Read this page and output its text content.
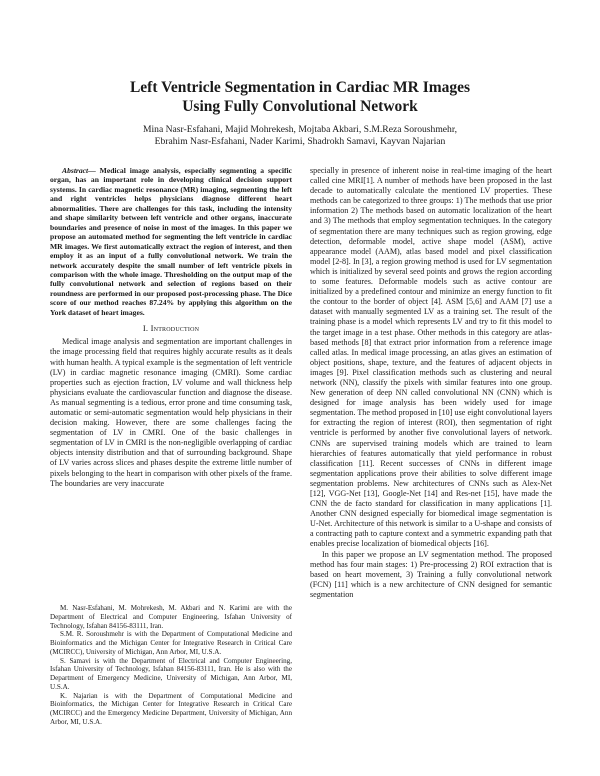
Left Ventricle Segmentation in Cardiac MR Images
Using Fully Convolutional Network
Mina Nasr-Esfahani, Majid Mohrekesh, Mojtaba Akbari, S.M.Reza Soroushmehr,
Ebrahim Nasr-Esfahani, Nader Karimi, Shadrokh Samavi, Kayvan Najarian

Abstract— Medical image analysis, especially segmenting a specific organ, has an important role in developing clinical decision support systems. In cardiac magnetic resonance (MR) imaging, segmenting the left and right ventricles helps physicians diagnose different heart abnormalities. There are challenges for this task, including the intensity and shape similarity between left ventricle and other organs, inaccurate boundaries and presence of noise in most of the images. In this paper we propose an automated method for segmenting the left ventricle in cardiac MR images. We first automatically extract the region of interest, and then employ it as an input of a fully convolutional network. We train the network accurately despite the small number of left ventricle pixels in comparison with the whole image. Thresholding on the output map of the fully convolutional network and selection of regions based on their roundness are performed in our proposed post-processing phase. The Dice score of our method reaches 87.24% by applying this algorithm on the York dataset of heart images.

I. Introduction

Medical image analysis and segmentation are important challenges in the image processing field that requires highly accurate results as it deals with human health. A typical example is the segmentation of left ventricle (LV) in cardiac magnetic resonance imaging (CMRI). Some cardiac properties such as ejection fraction, LV volume and wall thickness help physicians evaluate the cardiovascular function and diagnose the disease. As manual segmenting is a tedious, error prone and time consuming task, automatic or semi-automatic segmentation would help physicians in their decision making. However, there are some challenges facing the segmentation of LV in CMRI. One of the basic challenges in segmentation of LV in CMRI is the non-negligible overlapping of cardiac objects intensity distribution and that of surrounding background. Shape of LV varies across slices and phases despite the extreme little number of pixels belonging to the heart in comparison with other pixels of the frame. The boundaries are very inaccurate

M. Nasr-Esfahani, M. Mohrekesh, M. Akbari and N. Karimi are with the Department of Electrical and Computer Engineering, Isfahan University of Technology, Isfahan 84156-83111, Iran.

S.M. R. Soroushmehr is with the Department of Computational Medicine and Bioinformatics and the Michigan Center for Integrative Research in Critical Care (MCIRCC), University of Michigan, Ann Arbor, MI, U.S.A.

S. Samavi is with the Department of Electrical and Computer Engineering, Isfahan University of Technology, Isfahan 84156-83111, Iran. He is also with the Department of Emergency Medicine, University of Michigan, Ann Arbor, MI, U.S.A.

K. Najarian is with the Department of Computational Medicine and Bioinformatics, the Michigan Center for Integrative Research in Critical Care (MCIRCC) and the Emergency Medicine Department, University of Michigan, Ann Arbor, MI, U.S.A.

specially in presence of inherent noise in real-time imaging of the heart called cine MRI[1]. A number of methods have been proposed in the last decade to automatically calculate the mentioned LV properties. These methods can be categorized to three groups: 1) The methods that use prior information 2) The methods based on automatic localization of the heart and 3) The methods that employ segmentation techniques. In the category of segmentation there are many techniques such as region growing, edge detection, deformable model, active shape model (ASM), active appearance model (AAM), atlas based model and pixel classification model [2-8]. In [3], a region growing method is used for LV segmentation which is initialized by several seed points and grows the region according to some features. Deformable models such as active contour are initialized by a predefined contour and minimize an energy function to fit the contour to the border of object [4]. ASM [5,6] and AAM [7] use a dataset with manually segmented LV as a training set. The result of the training phase is a model which represents LV and try to fit this model to the target image in a test phase. Other methods in this category are atlas-based methods [8] that extract prior information from a reference image called atlas. In medical image processing, an atlas gives an estimation of object positions, shape, texture, and the features of adjacent objects in images [9]. Pixel classification methods such as clustering and neural network (NN), classify the pixels with similar features into one group. New generation of deep NN called convolutional NN (CNN) which is designed for image analysis has been widely used for image segmentation. The method proposed in [10] use eight convolutional layers for extracting the region of interest (ROI), then segmentation of right ventricle is performed by another five convolutional layers of network. CNNs are supervised training models which are trained to learn hierarchies of features automatically that yield performance in robust classification [11]. Recent successes of CNNs in different image segmentation applications prove their abilities to solve different image segmentation problems. New architectures of CNNs such as Alex-Net [12], VGG-Net [13], Google-Net [14] and Res-net [15], have made the CNN the de facto standard for classification in many applications [1]. Another CNN designed especially for biomedical image segmentation is U-Net. Architecture of this network is similar to a U-shape and consists of a contracting path to capture context and a symmetric expanding path that enables precise localization of biomedical objects [16].

In this paper we propose an LV segmentation method. The proposed method has four main stages: 1) Pre-processing 2) ROI extraction that is based on heart movement, 3) Training a fully convolutional network (FCN) [11] which is a new architecture of CNN designed for semantic segmentation
